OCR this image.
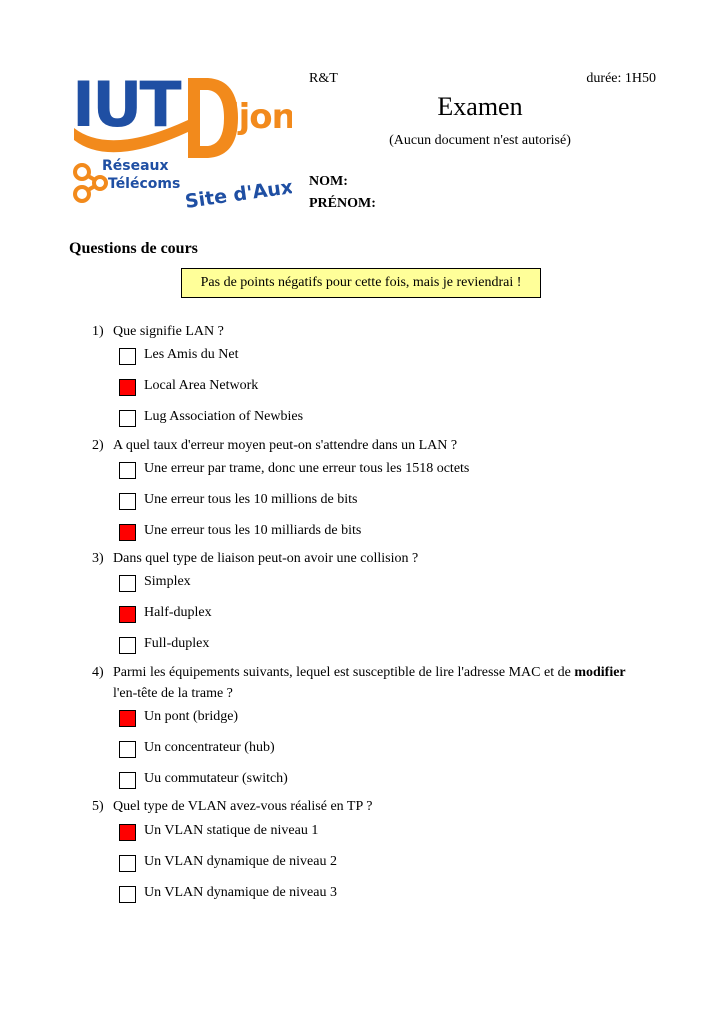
IUT ijon
Réseaux
Télécoms
Site d'Auxerre
R&T	durée: 1H50
Examen
(Aucun document n'est autorisé)
NOM:
PRÉNOM:
Questions de cours
Pas de points négatifs pour cette fois, mais je reviendrai !
1) Que signifie LAN ?
Les Amis du Net
Local Area Network
Lug Association of Newbies
2) A quel taux d'erreur moyen peut-on s'attendre dans un LAN ?
Une erreur par trame, donc une erreur tous les 1518 octets
Une erreur tous les 10 millions de bits
Une erreur tous les 10 milliards de bits
3) Dans quel type de liaison peut-on avoir une collision ?
Simplex
Half-duplex
Full-duplex
4) Parmi les équipements suivants, lequel est susceptible de lire l'adresse MAC et de modifier
l'en-tête de la trame ?
Un pont (bridge)
Un concentrateur (hub)
Uu commutateur (switch)
5) Quel type de VLAN avez-vous réalisé en TP ?
Un VLAN statique de niveau 1
Un VLAN dynamique de niveau 2
Un VLAN dynamique de niveau 3
